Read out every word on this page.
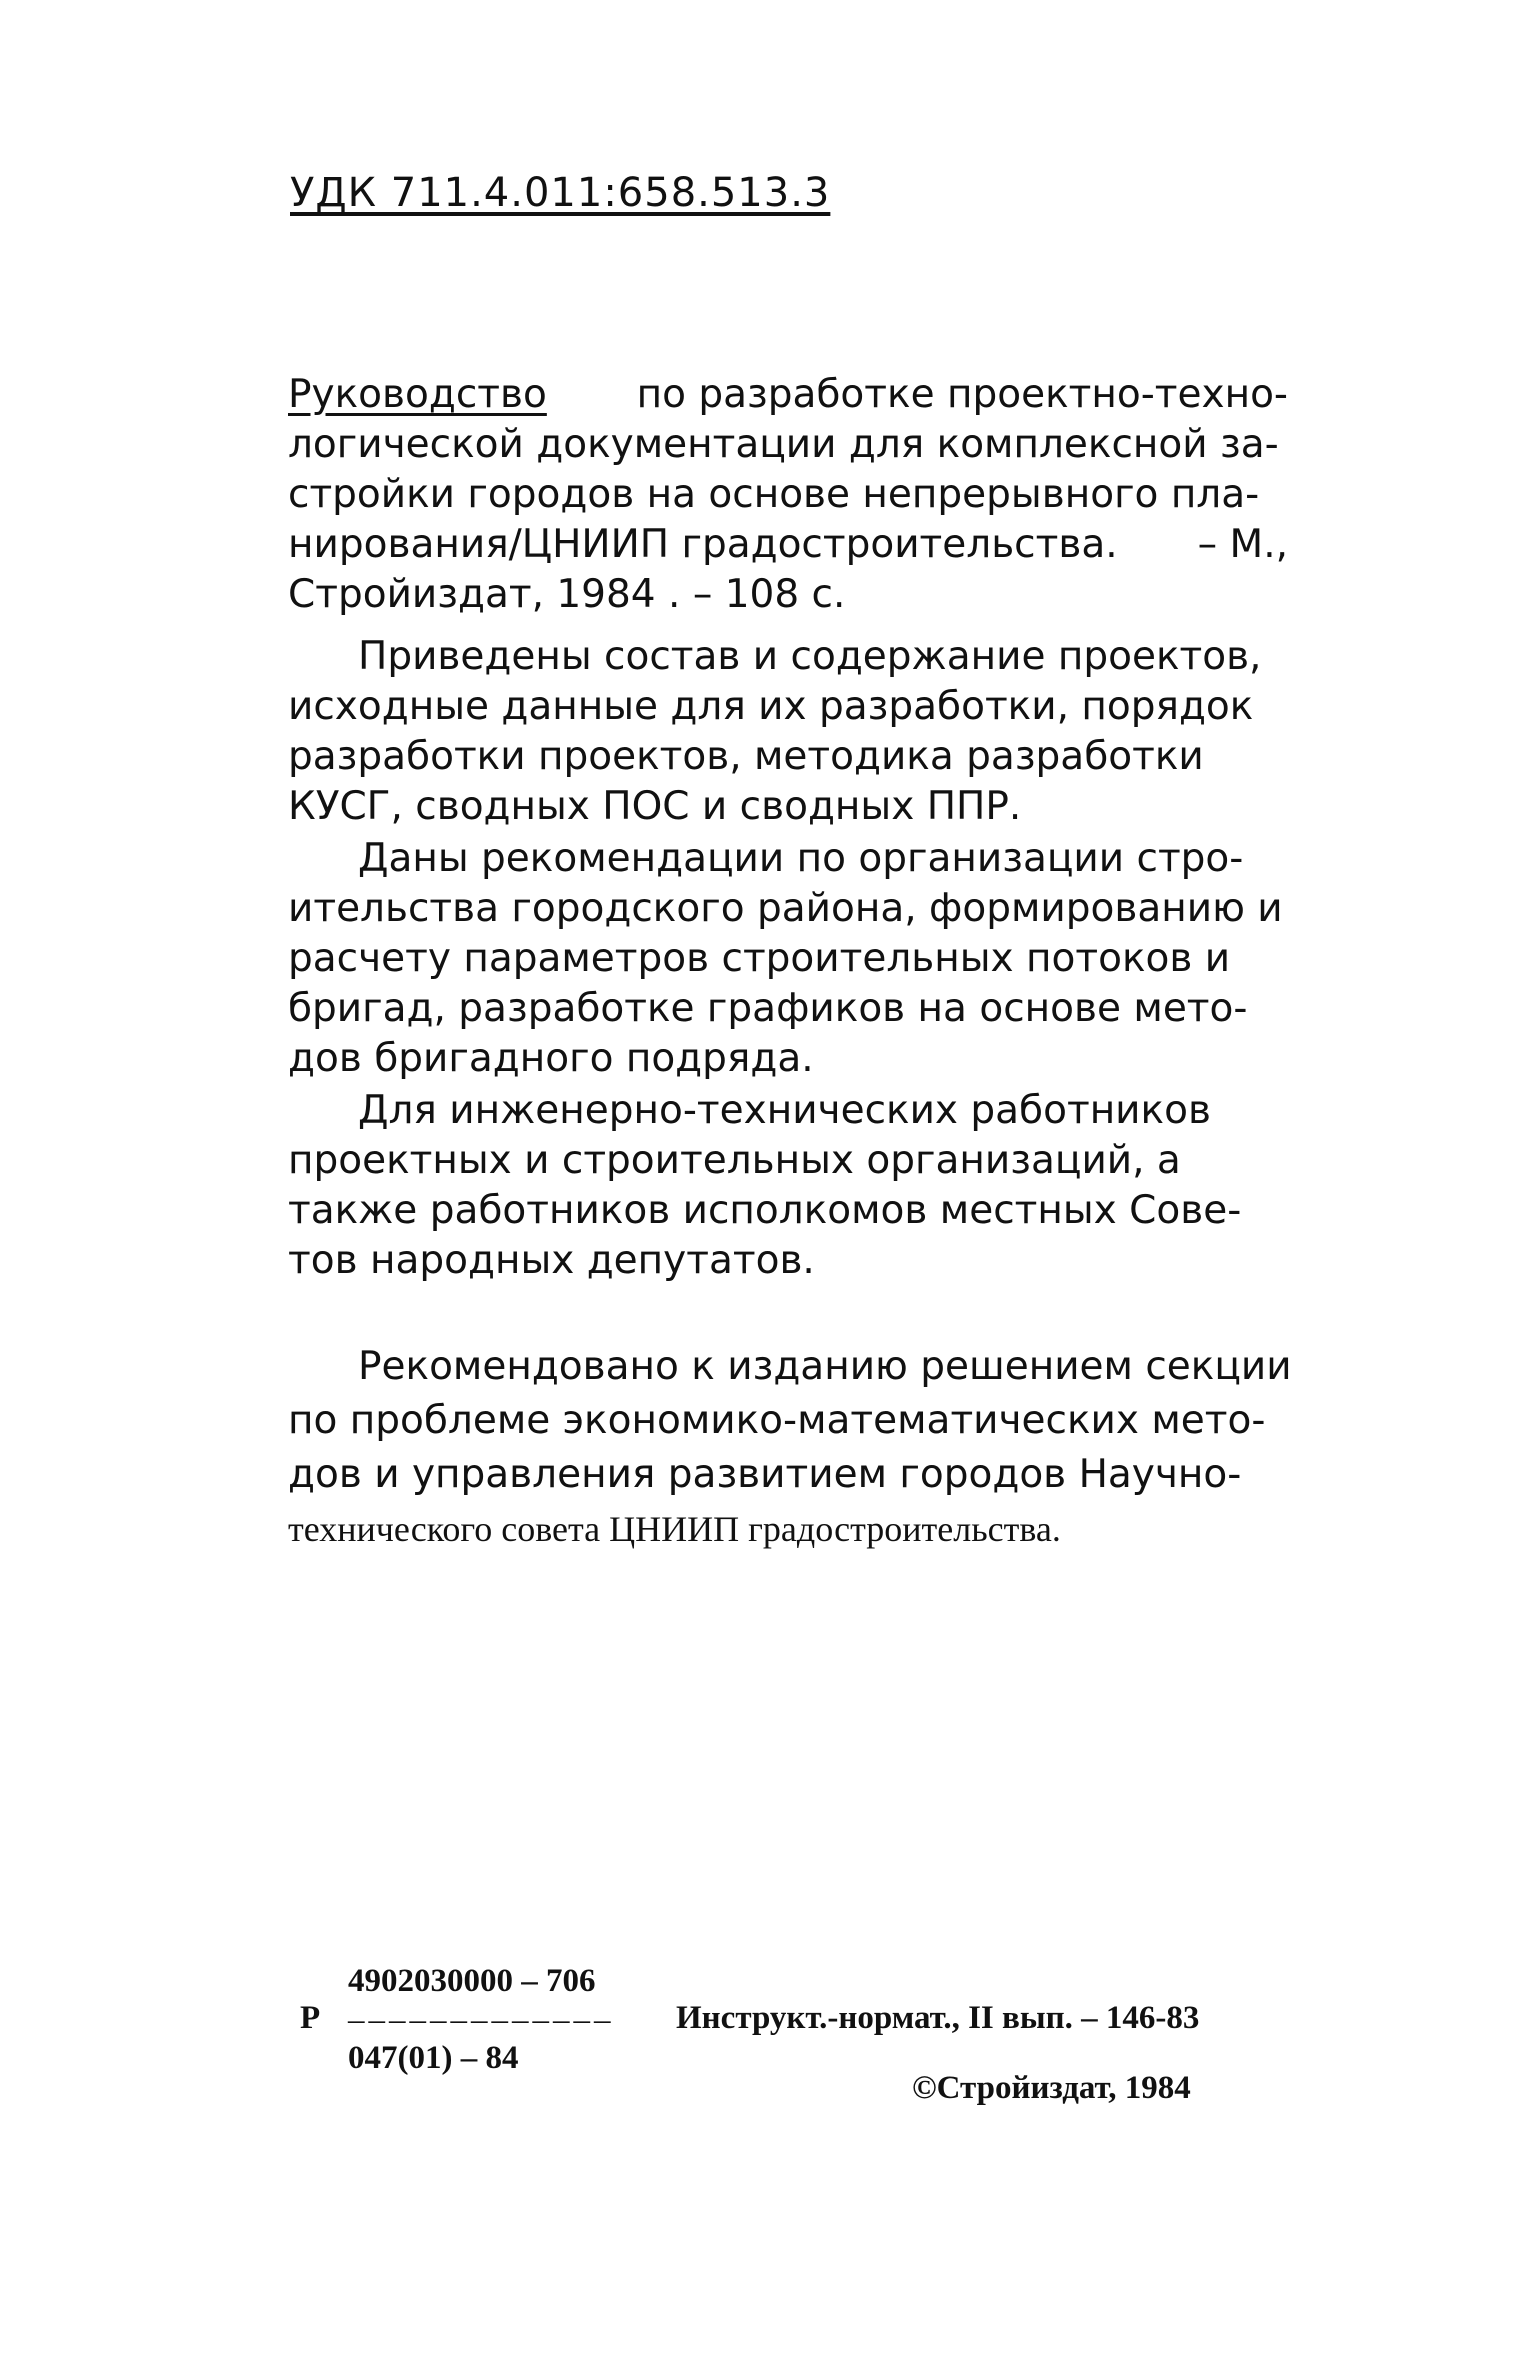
УДК 711.4.011:658.513.3
Руководство по разработке проектно-техно-
логической документации для комплексной за-
стройки городов на основе непрерывного пла-
нирования/ЦНИИП градостроительства. – М.,
Стройиздат, 1984 . – 108 с.
Приведены состав и содержание проектов,
исходные данные для их разработки, порядок
разработки проектов, методика разработки
КУСГ, сводных ПОС и сводных ППР.
Даны рекомендации по организации стро-
ительства городского района, формированию и
расчету параметров строительных потоков и
бригад, разработке графиков на основе мето-
дов бригадного подряда.
Для инженерно-технических работников
проектных и строительных организаций, а
также работников исполкомов местных Сове-
тов народных депутатов.
Рекомендовано к изданию решением секции
по проблеме экономико-математических мето-
дов и управления развитием городов Научно-
технического совета ЦНИИП градостроительства.
Р
4902030000 – 706
–––––––––––––
047(01) – 84
Инструкт.-нормат., II вып. – 146-83
©Стройиздат, 1984
